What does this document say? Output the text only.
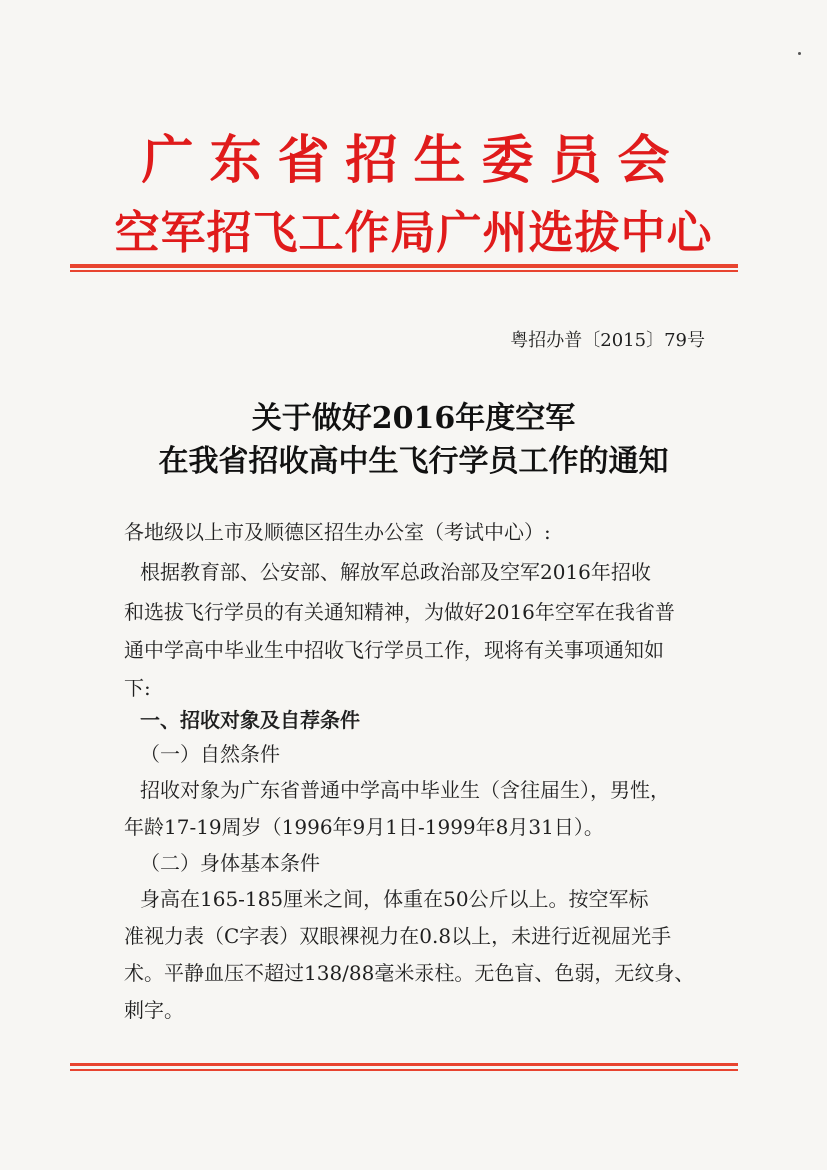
广东省招生委员会
空军招飞工作局广州选拔中心
粤招办普〔2015〕79号
关于做好2016年度空军
在我省招收高中生飞行学员工作的通知
各地级以上市及顺德区招生办公室（考试中心）:
根据教育部、公安部、解放军总政治部及空军2016年招收
和选拔飞行学员的有关通知精神，为做好2016年空军在我省普
通中学高中毕业生中招收飞行学员工作，现将有关事项通知如
下:
一、招收对象及自荐条件
（一）自然条件
招收对象为广东省普通中学高中毕业生（含往届生），男性，
年龄17-19周岁（1996年9月1日-1999年8月31日）。
（二）身体基本条件
身高在165-185厘米之间，体重在50公斤以上。按空军标
准视力表（C字表）双眼裸视力在0.8以上，未进行近视屈光手
术。平静血压不超过138/88毫米汞柱。无色盲、色弱，无纹身、
刺字。
